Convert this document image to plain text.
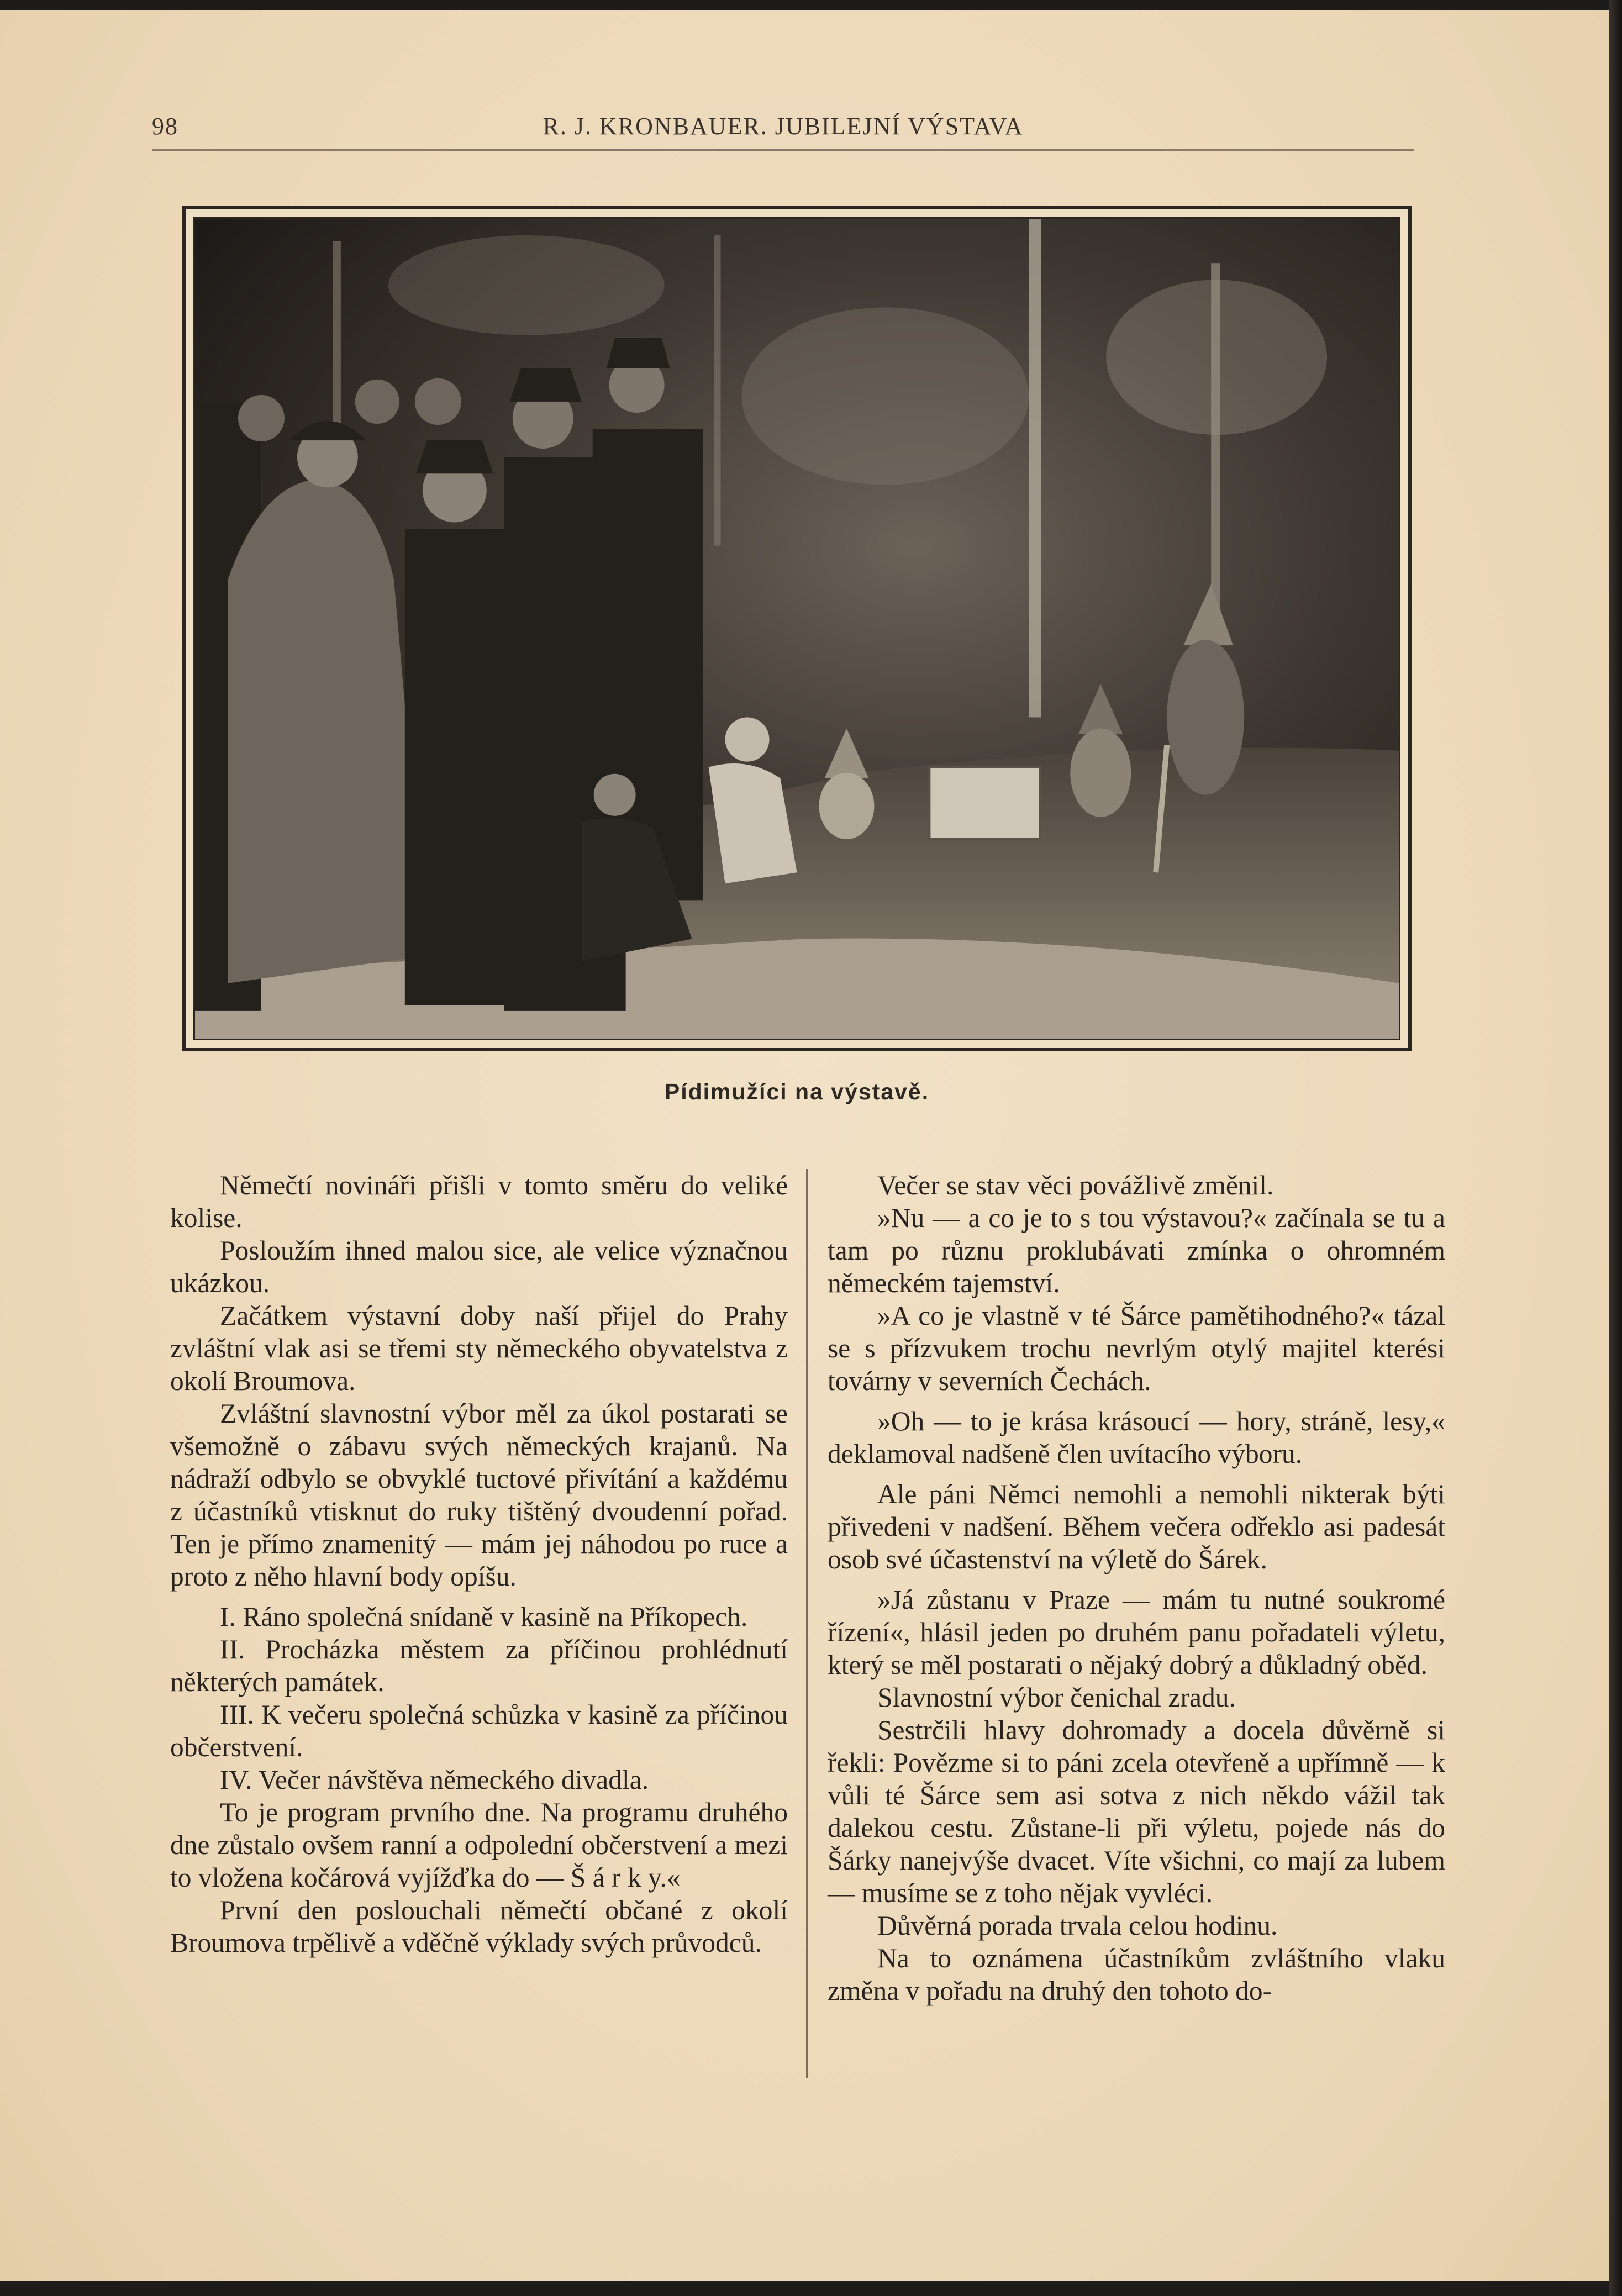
98	R. J. KRONBAUER. JUBILEJNÍ VÝSTAVA
Pídimužíci na výstavě.

Němečtí novináři přišli v tomto směru do veliké kolise.

Posloužím ihned malou sice, ale velice význačnou ukázkou.

Začátkem výstavní doby naší přijel do Prahy zvláštní vlak asi se třemi sty německého obyvatelstva z okolí Broumova.

Zvláštní slavnostní výbor měl za úkol postarati se všemožně o zábavu svých německých krajanů. Na nádraží odbylo se obvyklé tuctové přivítání a každému z účastníků vtisknut do ruky tištěný dvoudenní pořad. Ten je přímo znamenitý — mám jej náhodou po ruce a proto z něho hlavní body opíšu.

I. Ráno společná snídaně v kasině na Příkopech.

II. Procházka městem za příčinou prohlédnutí některých památek.

III. K večeru společná schůzka v kasině za příčinou občerstvení.

IV. Večer návštěva německého divadla.

To je program prvního dne. Na programu druhého dne zůstalo ovšem ranní a odpolední občerstvení a mezi to vložena kočárová vyjížďka do — Š á r k y.«

První den poslouchali němečtí občané z okolí Broumova trpělivě a vděčně výklady svých průvodců.

Večer se stav věci povážlivě změnil.

»Nu — a co je to s tou výstavou?« začínala se tu a tam po různu proklubávati zmínka o ohromném německém tajemství.

»A co je vlastně v té Šárce pamětihodného?« tázal se s přízvukem trochu nevrlým otylý majitel kterési továrny v severních Čechách.

»Oh — to je krása krásoucí — hory, stráně, lesy,« deklamoval nadšeně člen uvítacího výboru.

Ale páni Němci nemohli a nemohli nikterak býti přivedeni v nadšení. Během večera odřeklo asi padesát osob své účastenství na výletě do Šárek.

»Já zůstanu v Praze — mám tu nutné soukromé řízení«, hlásil jeden po druhém panu pořadateli výletu, který se měl postarati o nějaký dobrý a důkladný oběd.

Slavnostní výbor čenichal zradu.

Sestrčili hlavy dohromady a docela důvěrně si řekli: Povězme si to páni zcela otevřeně a upřímně — k vůli té Šárce sem asi sotva z nich někdo vážil tak dalekou cestu. Zůstane-li při výletu, pojede nás do Šárky nanejvýše dvacet. Víte všichni, co mají za lubem — musíme se z toho nějak vyvléci.

Důvěrná porada trvala celou hodinu.

Na to oznámena účastníkům zvláštního vlaku změna v pořadu na druhý den tohoto do-
